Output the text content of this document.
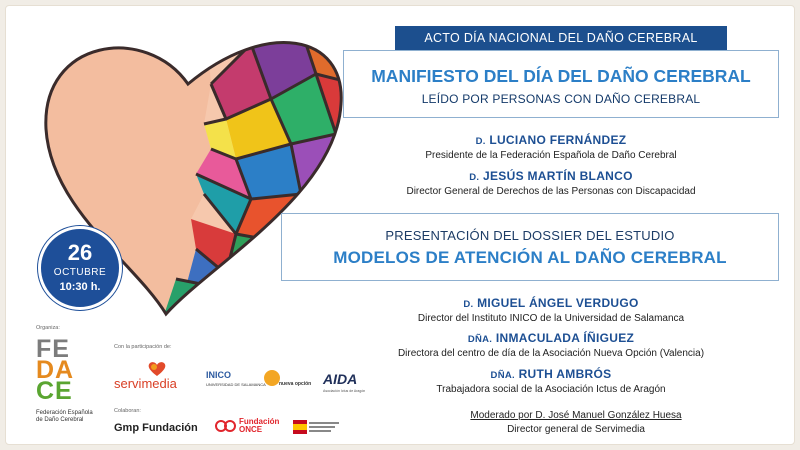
26
OCTUBRE
10:30 h.
ACTO DÍA NACIONAL DEL DAÑO CEREBRAL
MANIFIESTO DEL DÍA DEL DAÑO CEREBRAL
LEÍDO POR PERSONAS CON DAÑO CEREBRAL
D. LUCIANO FERNÁNDEZ
Presidente de la Federación Española de Daño Cerebral
D. JESÚS MARTÍN BLANCO
Director General de Derechos de las Personas con Discapacidad
PRESENTACIÓN DEL DOSSIER DEL ESTUDIO
MODELOS DE ATENCIÓN AL DAÑO CEREBRAL
D. MIGUEL ÁNGEL VERDUGO
Director del Instituto INICO de la Universidad de Salamanca
DÑA. INMACULADA ÍÑIGUEZ
Directora del centro de día de la Asociación Nueva Opción (Valencia)
DÑA. RUTH AMBRÓS
Trabajadora social de la Asociación Ictus de Aragón
Moderado por D. José Manuel González Huesa
Director general de Servimedia
Organiza:
FE
DA
CE
Federación Española de Daño Cerebral
Con la participación de:
servimedia
INICO
UNIVERSIDAD DE SALAMANCA	nueva opción AIDA
Asociación Ictus de Aragón
Colaboran:
Gmp Fundación
Fundación
ONCE
